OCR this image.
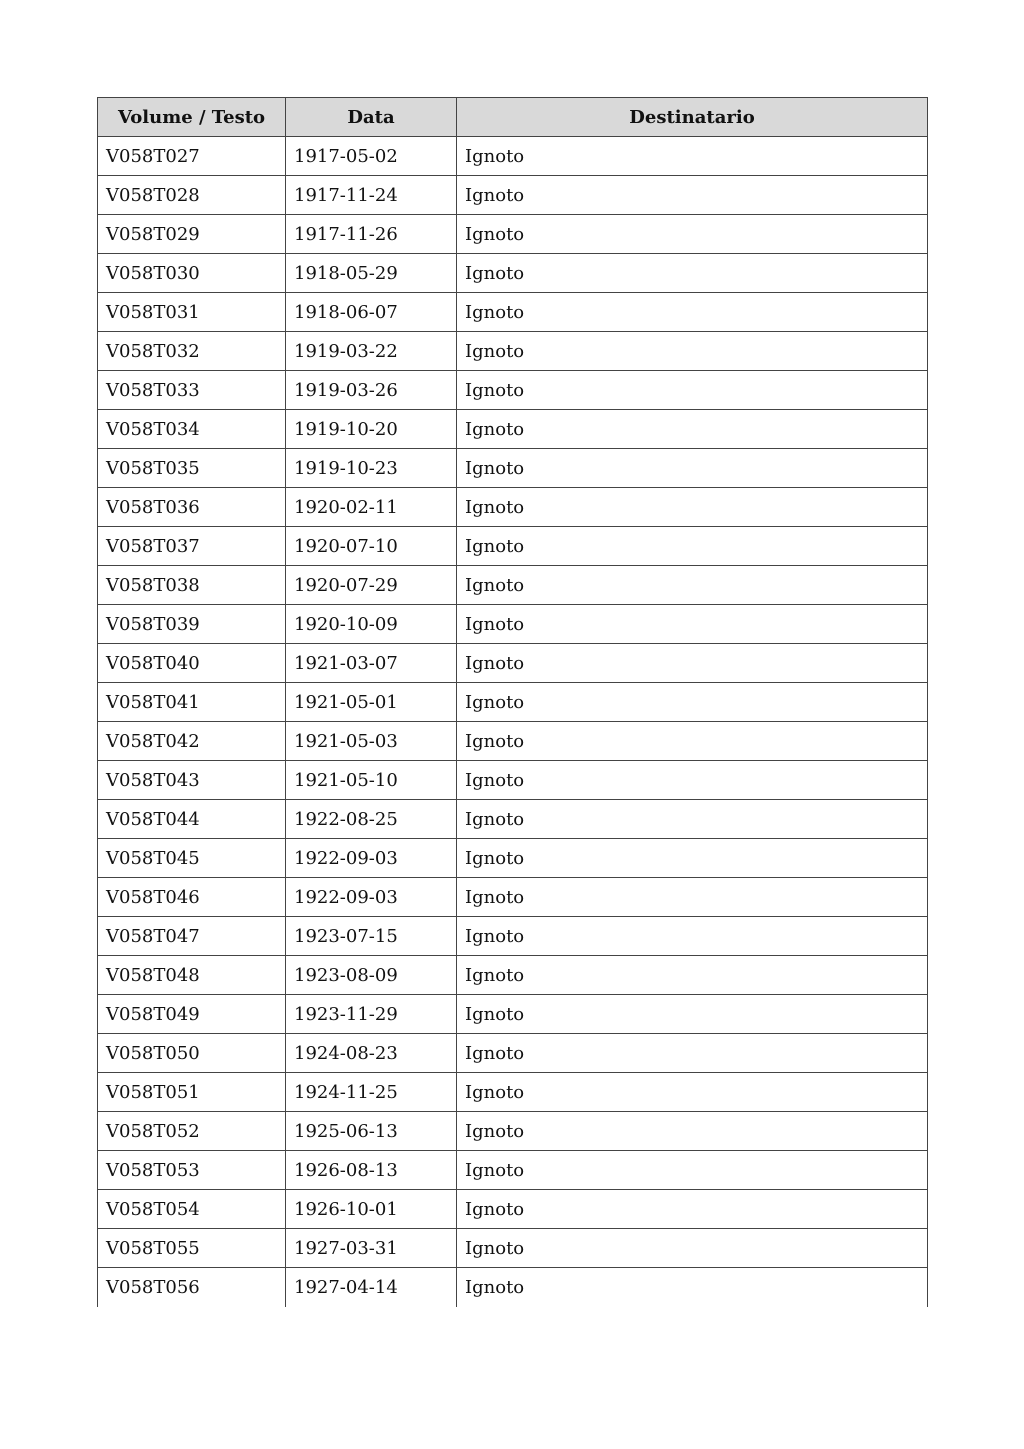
Volume / Testo	Data	Destinatario
V058T027	1917-05-02	Ignoto
V058T028	1917-11-24	Ignoto
V058T029	1917-11-26	Ignoto
V058T030	1918-05-29	Ignoto
V058T031	1918-06-07	Ignoto
V058T032	1919-03-22	Ignoto
V058T033	1919-03-26	Ignoto
V058T034	1919-10-20	Ignoto
V058T035	1919-10-23	Ignoto
V058T036	1920-02-11	Ignoto
V058T037	1920-07-10	Ignoto
V058T038	1920-07-29	Ignoto
V058T039	1920-10-09	Ignoto
V058T040	1921-03-07	Ignoto
V058T041	1921-05-01	Ignoto
V058T042	1921-05-03	Ignoto
V058T043	1921-05-10	Ignoto
V058T044	1922-08-25	Ignoto
V058T045	1922-09-03	Ignoto
V058T046	1922-09-03	Ignoto
V058T047	1923-07-15	Ignoto
V058T048	1923-08-09	Ignoto
V058T049	1923-11-29	Ignoto
V058T050	1924-08-23	Ignoto
V058T051	1924-11-25	Ignoto
V058T052	1925-06-13	Ignoto
V058T053	1926-08-13	Ignoto
V058T054	1926-10-01	Ignoto
V058T055	1927-03-31	Ignoto
V058T056	1927-04-14	Ignoto
